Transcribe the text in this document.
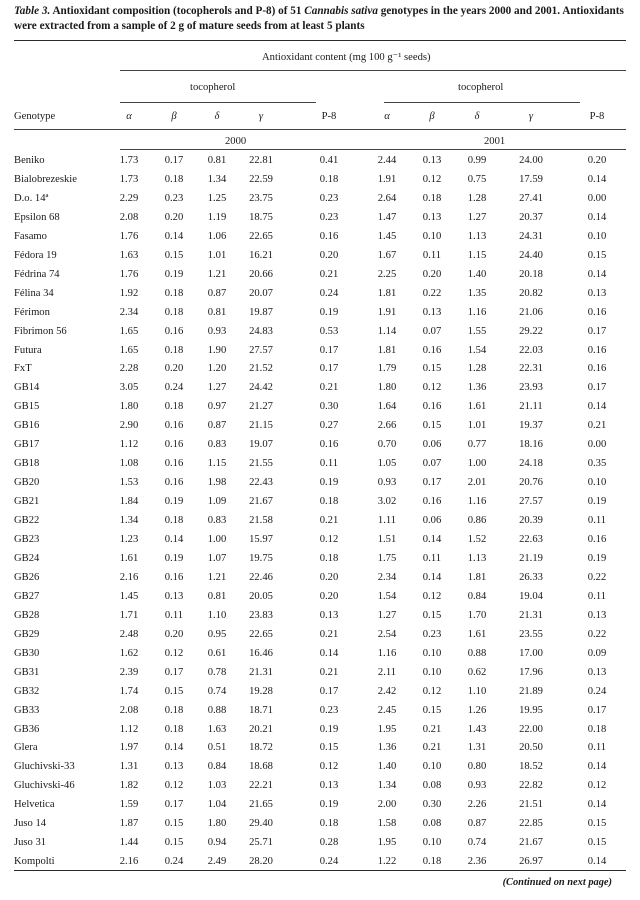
Table 3. Antioxidant composition (tocopherols and P-8) of 51 Cannabis sativa genotypes in the years 2000 and 2001. Antioxidants were extracted from a sample of 2 g of mature seeds from at least 5 plants
Antioxidant content (mg 100 g⁻¹ seeds)
tocopherol	tocopherol
Genotype	α	β	δ	γ	P-8	α	β	δ	γ	P-8
2000	2001
Beniko	1.73	0.17	0.81	22.81	0.41	2.44	0.13	0.99	24.00	0.20
Bialobrezeskie	1.73	0.18	1.34	22.59	0.18	1.91	0.12	0.75	17.59	0.14
D.o. 14ª	2.29	0.23	1.25	23.75	0.23	2.64	0.18	1.28	27.41	0.00
Epsilon 68	2.08	0.20	1.19	18.75	0.23	1.47	0.13	1.27	20.37	0.14
Fasamo	1.76	0.14	1.06	22.65	0.16	1.45	0.10	1.13	24.31	0.10
Fédora 19	1.63	0.15	1.01	16.21	0.20	1.67	0.11	1.15	24.40	0.15
Fédrina 74	1.76	0.19	1.21	20.66	0.21	2.25	0.20	1.40	20.18	0.14
Félina 34	1.92	0.18	0.87	20.07	0.24	1.81	0.22	1.35	20.82	0.13
Férimon	2.34	0.18	0.81	19.87	0.19	1.91	0.13	1.16	21.06	0.16
Fibrimon 56	1.65	0.16	0.93	24.83	0.53	1.14	0.07	1.55	29.22	0.17
Futura	1.65	0.18	1.90	27.57	0.17	1.81	0.16	1.54	22.03	0.16
FxT	2.28	0.20	1.20	21.52	0.17	1.79	0.15	1.28	22.31	0.16
GB14	3.05	0.24	1.27	24.42	0.21	1.80	0.12	1.36	23.93	0.17
GB15	1.80	0.18	0.97	21.27	0.30	1.64	0.16	1.61	21.11	0.14
GB16	2.90	0.16	0.87	21.15	0.27	2.66	0.15	1.01	19.37	0.21
GB17	1.12	0.16	0.83	19.07	0.16	0.70	0.06	0.77	18.16	0.00
GB18	1.08	0.16	1.15	21.55	0.11	1.05	0.07	1.00	24.18	0.35
GB20	1.53	0.16	1.98	22.43	0.19	0.93	0.17	2.01	20.76	0.10
GB21	1.84	0.19	1.09	21.67	0.18	3.02	0.16	1.16	27.57	0.19
GB22	1.34	0.18	0.83	21.58	0.21	1.11	0.06	0.86	20.39	0.11
GB23	1.23	0.14	1.00	15.97	0.12	1.51	0.14	1.52	22.63	0.16
GB24	1.61	0.19	1.07	19.75	0.18	1.75	0.11	1.13	21.19	0.19
GB26	2.16	0.16	1.21	22.46	0.20	2.34	0.14	1.81	26.33	0.22
GB27	1.45	0.13	0.81	20.05	0.20	1.54	0.12	0.84	19.04	0.11
GB28	1.71	0.11	1.10	23.83	0.13	1.27	0.15	1.70	21.31	0.13
GB29	2.48	0.20	0.95	22.65	0.21	2.54	0.23	1.61	23.55	0.22
GB30	1.62	0.12	0.61	16.46	0.14	1.16	0.10	0.88	17.00	0.09
GB31	2.39	0.17	0.78	21.31	0.21	2.11	0.10	0.62	17.96	0.13
GB32	1.74	0.15	0.74	19.28	0.17	2.42	0.12	1.10	21.89	0.24
GB33	2.08	0.18	0.88	18.71	0.23	2.45	0.15	1.26	19.95	0.17
GB36	1.12	0.18	1.63	20.21	0.19	1.95	0.21	1.43	22.00	0.18
Glera	1.97	0.14	0.51	18.72	0.15	1.36	0.21	1.31	20.50	0.11
Gluchivski-33	1.31	0.13	0.84	18.68	0.12	1.40	0.10	0.80	18.52	0.14
Gluchivski-46	1.82	0.12	1.03	22.21	0.13	1.34	0.08	0.93	22.82	0.12
Helvetica	1.59	0.17	1.04	21.65	0.19	2.00	0.30	2.26	21.51	0.14
Juso 14	1.87	0.15	1.80	29.40	0.18	1.58	0.08	0.87	22.85	0.15
Juso 31	1.44	0.15	0.94	25.71	0.28	1.95	0.10	0.74	21.67	0.15
Kompolti	2.16	0.24	2.49	28.20	0.24	1.22	0.18	2.36	26.97	0.14
(Continued on next page)
